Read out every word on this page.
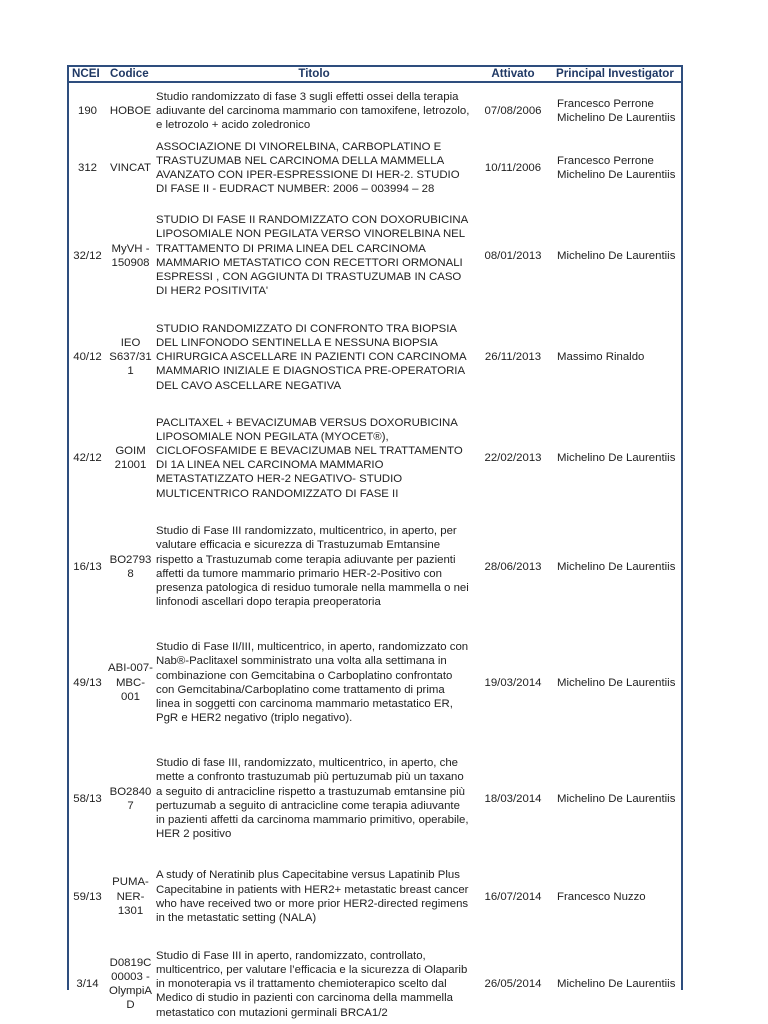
NCEI	Codice	Titolo	Attivato	Principal Investigator
190	HOBOE	Studio randomizzato di fase 3 sugli effetti ossei della terapia adiuvante del carcinoma mammario con tamoxifene, letrozolo, e letrozolo + acido zoledronico	07/08/2006	Francesco Perrone
Michelino De Laurentiis

312	VINCAT	ASSOCIAZIONE DI VINORELBINA, CARBOPLATINO E TRASTUZUMAB NEL CARCINOMA DELLA MAMMELLA AVANZATO CON IPER-ESPRESSIONE DI HER-2. STUDIO DI FASE II - EUDRACT NUMBER: 2006 – 003994 – 28	10/11/2006	Francesco Perrone
Michelino De Laurentiis

32/12	MyVH - 150908	STUDIO DI FASE II RANDOMIZZATO CON DOXORUBICINA LIPOSOMIALE NON PEGILATA VERSO VINORELBINA NEL TRATTAMENTO DI PRIMA LINEA DEL CARCINOMA MAMMARIO METASTATICO CON RECETTORI ORMONALI ESPRESSI , CON AGGIUNTA DI TRASTUZUMAB IN CASO DI HER2 POSITIVITA'	08/01/2013	Michelino De Laurentiis

40/12	IEO S637/31 1	STUDIO RANDOMIZZATO DI CONFRONTO TRA BIOPSIA DEL LINFONODO SENTINELLA E NESSUNA BIOPSIA CHIRURGICA ASCELLARE IN PAZIENTI CON CARCINOMA MAMMARIO INIZIALE E DIAGNOSTICA PRE-OPERATORIA DEL CAVO ASCELLARE NEGATIVA	26/11/2013	Massimo Rinaldo

42/12	GOIM 21001	PACLITAXEL + BEVACIZUMAB VERSUS DOXORUBICINA LIPOSOMIALE NON PEGILATA (MYOCET®), CICLOFOSFAMIDE E BEVACIZUMAB NEL TRATTAMENTO DI 1A LINEA NEL CARCINOMA MAMMARIO METASTATIZZATO HER-2 NEGATIVO- STUDIO MULTICENTRICO RANDOMIZZATO DI FASE II	22/02/2013	Michelino De Laurentiis

16/13	BO2793 8	Studio di Fase III randomizzato, multicentrico, in aperto, per valutare efficacia e sicurezza di Trastuzumab Emtansine rispetto a Trastuzumab come terapia adiuvante per pazienti affetti da tumore mammario primario HER-2-Positivo con presenza patologica di residuo tumorale nella mammella o nei linfonodi ascellari dopo terapia preoperatoria	28/06/2013	Michelino De Laurentiis

49/13	ABI-007- MBC- 001	Studio di Fase II/III, multicentrico, in aperto, randomizzato con Nab®-Paclitaxel somministrato una volta alla settimana in combinazione con Gemcitabina o Carboplatino confrontato con Gemcitabina/Carboplatino come trattamento di prima linea in soggetti con carcinoma mammario metastatico ER, PgR e HER2 negativo (triplo negativo).	19/03/2014	Michelino De Laurentiis

58/13	BO2840 7	Studio di fase III, randomizzato, multicentrico, in aperto, che mette a confronto trastuzumab più pertuzumab più un taxano a seguito di antracicline rispetto a trastuzumab emtansine più pertuzumab a seguito di antracicline come terapia adiuvante in pazienti affetti da carcinoma mammario primitivo, operabile, HER 2 positivo	18/03/2014	Michelino De Laurentiis

59/13	PUMA- NER- 1301	A study of Neratinib plus Capecitabine versus Lapatinib Plus Capecitabine in patients with HER2+ metastatic breast cancer who have received two or more prior HER2-directed regimens in the metastatic setting (NALA)	16/07/2014	Francesco Nuzzo

3/14	D0819C 00003 - OlympiA D	Studio di Fase III in aperto, randomizzato, controllato, multicentrico, per valutare l’efficacia e la sicurezza di Olaparib in monoterapia vs il trattamento chemioterapico scelto dal Medico di studio in pazienti con carcinoma della mammella metastatico con mutazioni germinali BRCA1/2	26/05/2014	Michelino De Laurentiis
